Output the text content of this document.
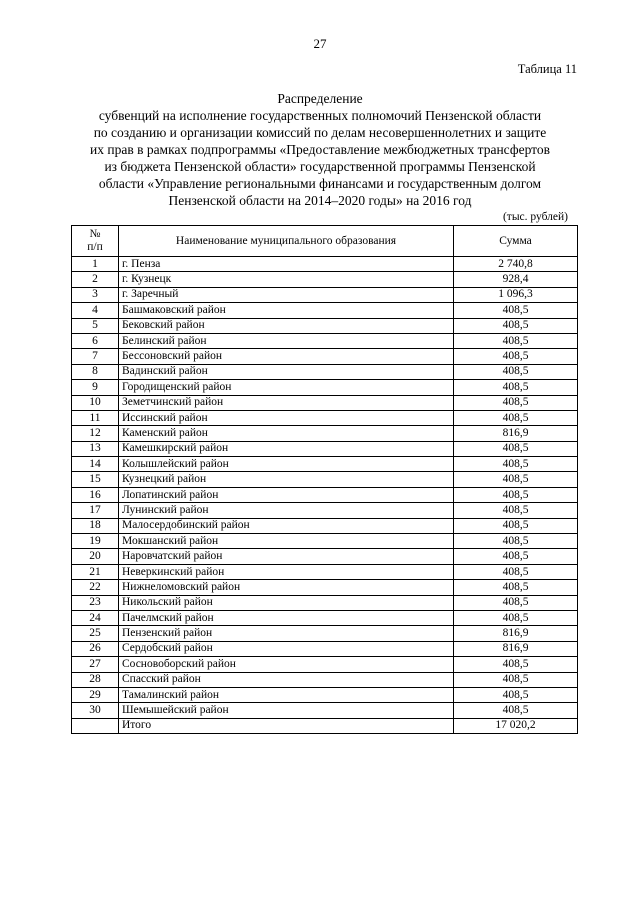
27
Таблица 11
Распределение
субвенций на исполнение государственных полномочий Пензенской области
по созданию и организации комиссий по делам несовершеннолетних и защите
их прав в рамках подпрограммы «Предоставление межбюджетных трансфертов
из бюджета Пензенской области» государственной программы Пензенской
области «Управление региональными финансами и государственным долгом
Пензенской области на 2014–2020 годы» на 2016 год
(тыс. рублей)
№
п/п	Наименование муниципального образования	Сумма
1	г. Пенза	2 740,8
2	г. Кузнецк	928,4
3	г. Заречный	1 096,3
4	Башмаковский район	408,5
5	Бековский район	408,5
6	Белинский район	408,5
7	Бессоновский район	408,5
8	Вадинский район	408,5
9	Городищенский район	408,5
10	Земетчинский район	408,5
11	Иссинский район	408,5
12	Каменский район	816,9
13	Камешкирский район	408,5
14	Колышлейский район	408,5
15	Кузнецкий район	408,5
16	Лопатинский район	408,5
17	Лунинский район	408,5
18	Малосердобинский район	408,5
19	Мокшанский район	408,5
20	Наровчатский район	408,5
21	Неверкинский район	408,5
22	Нижнеломовский район	408,5
23	Никольский район	408,5
24	Пачелмский район	408,5
25	Пензенский район	816,9
26	Сердобский район	816,9
27	Сосновоборский район	408,5
28	Спасский район	408,5
29	Тамалинский район	408,5
30	Шемышейский район	408,5
	Итого	17 020,2
